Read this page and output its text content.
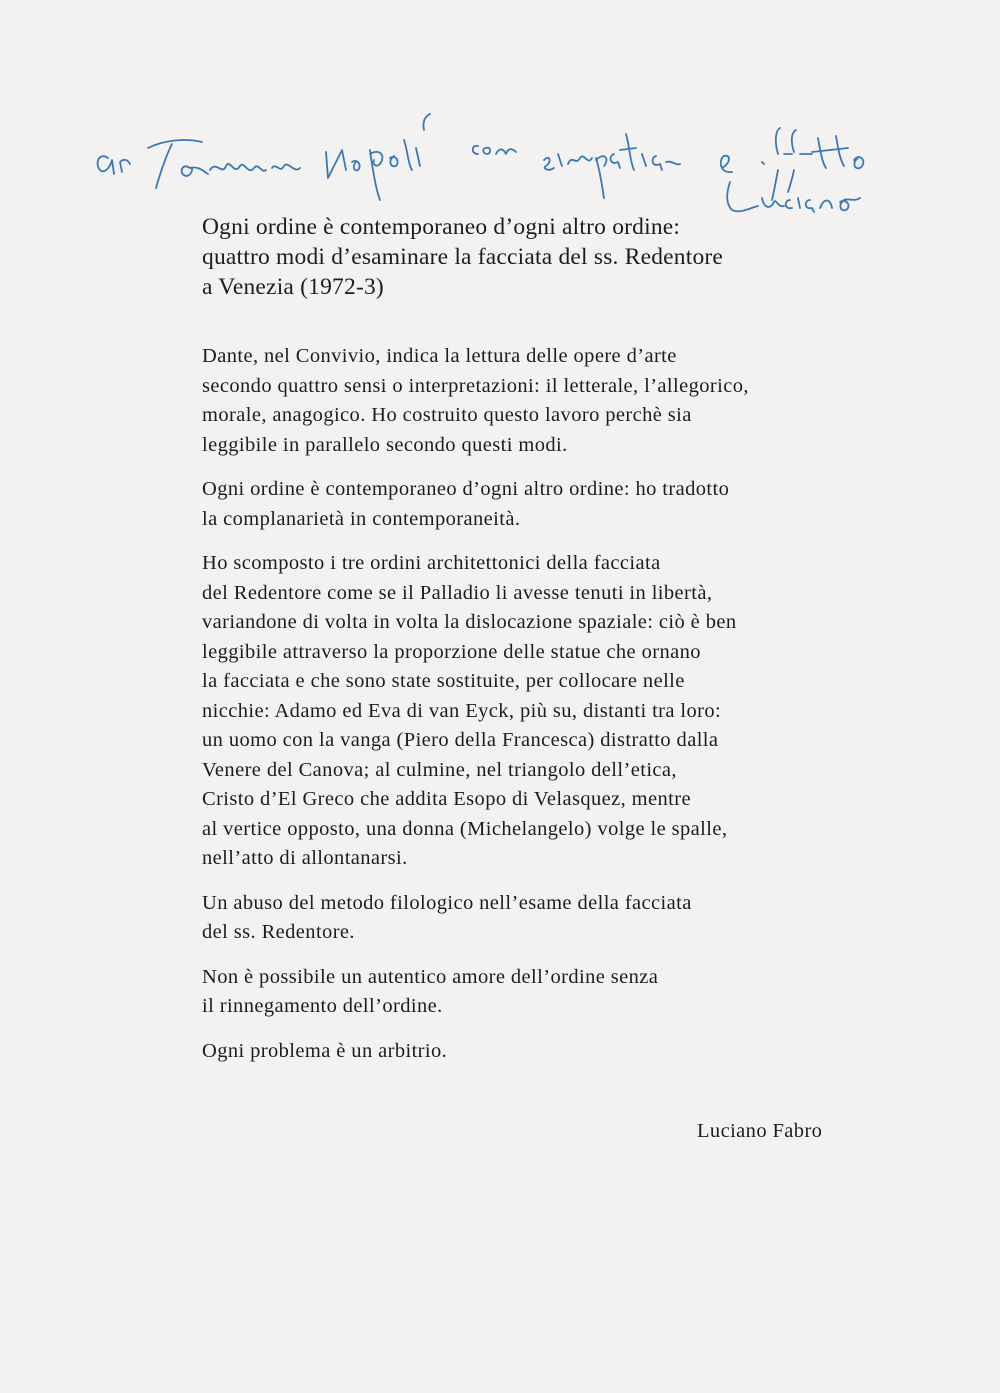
Ogni ordine è contemporaneo d’ogni altro ordine:
quattro modi d’esaminare la facciata del ss. Redentore
a Venezia (1972-3)
Dante, nel Convivio, indica la lettura delle opere d’arte
secondo quattro sensi o interpretazioni: il letterale, l’allegorico,
morale, anagogico. Ho costruito questo lavoro perchè sia
leggibile in parallelo secondo questi modi.
Ogni ordine è contemporaneo d’ogni altro ordine: ho tradotto
la complanarietà in contemporaneità.
Ho scomposto i tre ordini architettonici della facciata
del Redentore come se il Palladio li avesse tenuti in libertà,
variandone di volta in volta la dislocazione spaziale: ciò è ben
leggibile attraverso la proporzione delle statue che ornano
la facciata e che sono state sostituite, per collocare nelle
nicchie: Adamo ed Eva di van Eyck, più su, distanti tra loro:
un uomo con la vanga (Piero della Francesca) distratto dalla
Venere del Canova; al culmine, nel triangolo dell’etica,
Cristo d’El Greco che addita Esopo di Velasquez, mentre
al vertice opposto, una donna (Michelangelo) volge le spalle,
nell’atto di allontanarsi.
Un abuso del metodo filologico nell’esame della facciata
del ss. Redentore.
Non è possibile un autentico amore dell’ordine senza
il rinnegamento dell’ordine.
Ogni problema è un arbitrio.
Luciano Fabro
